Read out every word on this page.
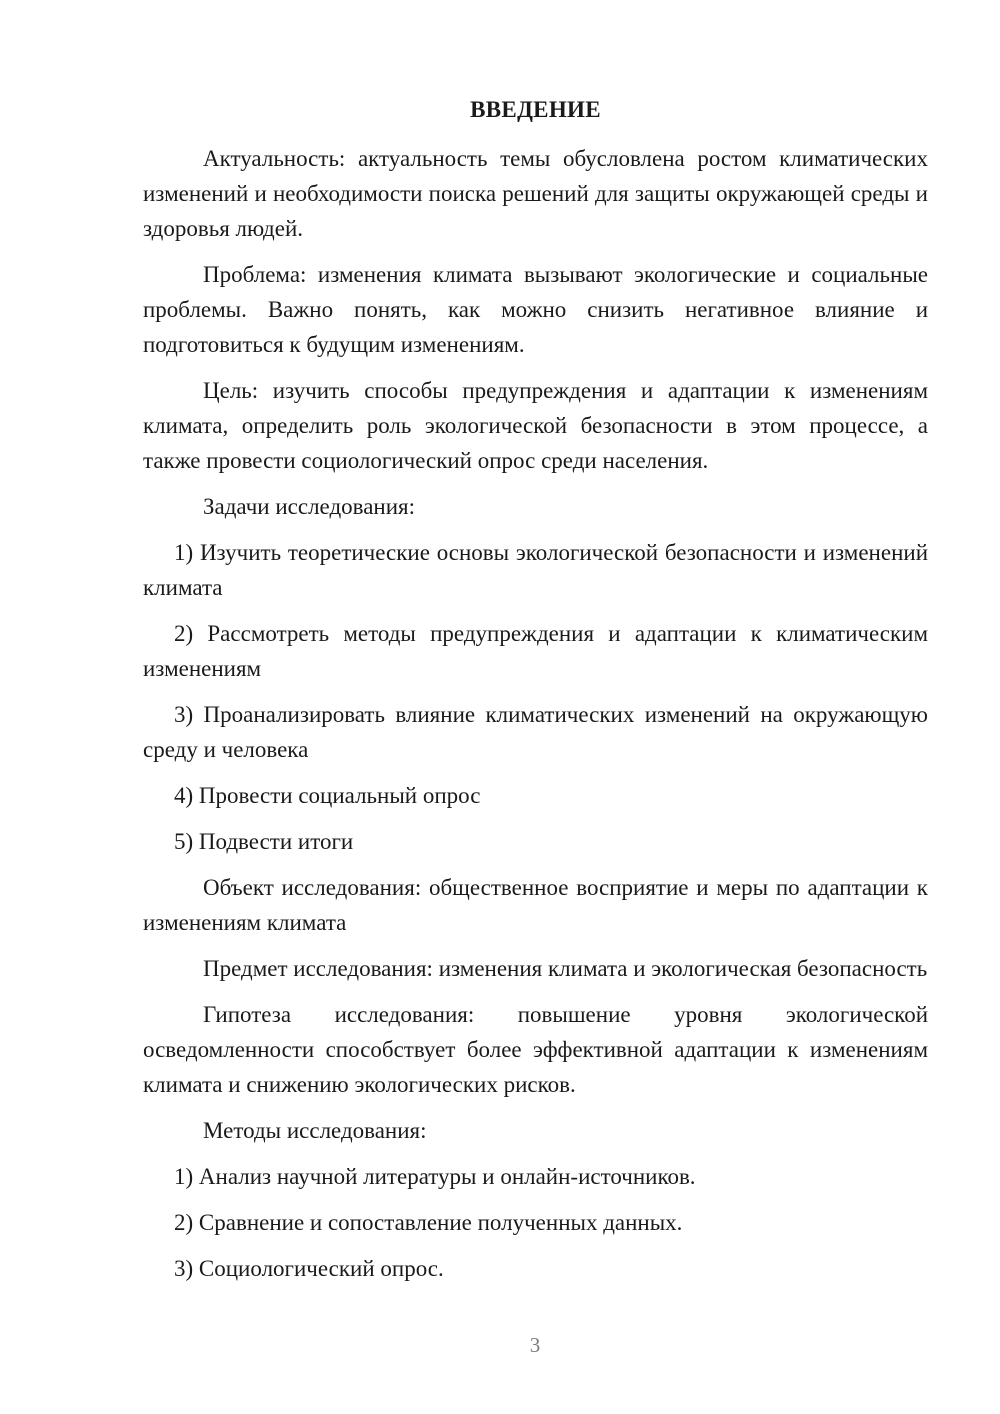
ВВЕДЕНИЕ

Актуальность: актуальность темы обусловлена ростом климатических изменений и необходимости поиска решений для защиты окружающей среды и здоровья людей.

Проблема: изменения климата вызывают экологические и социальные проблемы. Важно понять, как можно снизить негативное влияние и подготовиться к будущим изменениям.

Цель: изучить способы предупреждения и адаптации к изменениям климата, определить роль экологической безопасности в этом процессе, а также провести социологический опрос среди населения.

Задачи исследования:

1) Изучить теоретические основы экологической безопасности и изменений климата

2) Рассмотреть методы предупреждения и адаптации к климатическим изменениям

3) Проанализировать влияние климатических изменений на окружающую среду и человека

4) Провести социальный опрос

5) Подвести итоги

Объект исследования: общественное восприятие и меры по адаптации к изменениям климата

Предмет исследования: изменения климата и экологическая безопасность

Гипотеза исследования: повышение уровня экологической осведомленности способствует более эффективной адаптации к изменениям климата и снижению экологических рисков.

Методы исследования:

1) Анализ научной литературы и онлайн-источников.

2) Сравнение и сопоставление полученных данных.

3) Социологический опрос.

3
